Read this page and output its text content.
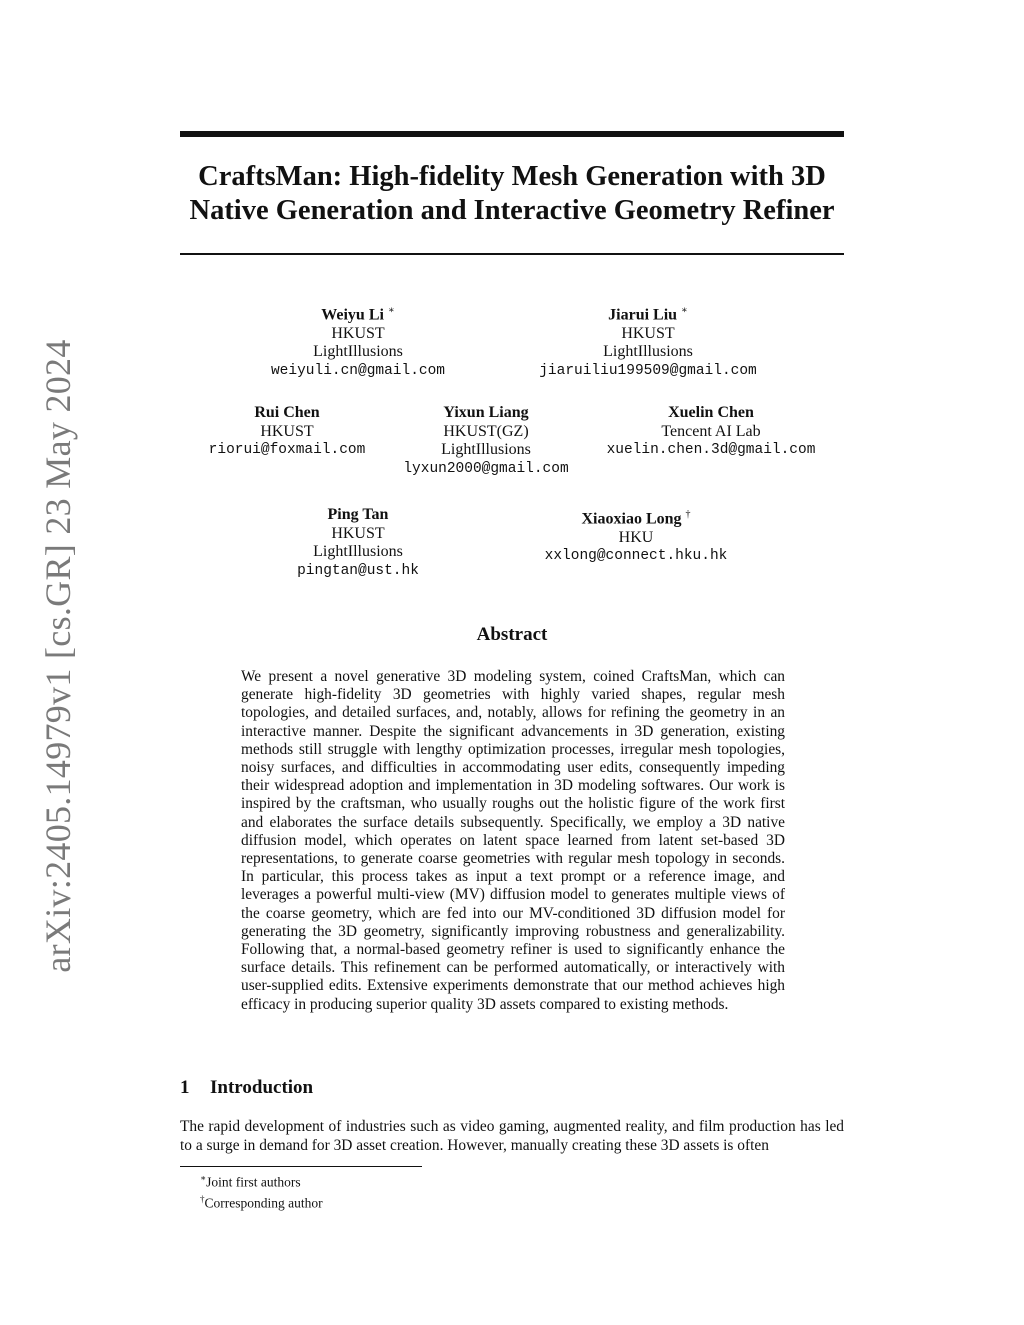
arXiv:2405.14979v1 [cs.GR] 23 May 2024
CraftsMan: High-fidelity Mesh Generation with 3D
Native Generation and Interactive Geometry Refiner
Weiyu Li ∗
HKUST
LightIllusions
weiyuli.cn@gmail.com
Jiarui Liu ∗
HKUST
LightIllusions
jiaruiliu199509@gmail.com
Rui Chen
HKUST
riorui@foxmail.com
Yixun Liang
HKUST(GZ)
LightIllusions
lyxun2000@gmail.com
Xuelin Chen
Tencent AI Lab
xuelin.chen.3d@gmail.com
Ping Tan
HKUST
LightIllusions
pingtan@ust.hk
Xiaoxiao Long †
HKU
xxlong@connect.hku.hk
Abstract

We present a novel generative 3D modeling system, coined CraftsMan, which can generate high-fidelity 3D geometries with highly varied shapes, regular mesh topologies, and detailed surfaces, and, notably, allows for refining the geometry in an interactive manner. Despite the significant advancements in 3D generation, existing methods still struggle with lengthy optimization processes, irregular mesh topologies, noisy surfaces, and difficulties in accommodating user edits, consequently impeding their widespread adoption and implementation in 3D modeling softwares. Our work is inspired by the craftsman, who usually roughs out the holistic figure of the work first and elaborates the surface details subsequently. Specifically, we employ a 3D native diffusion model, which operates on latent space learned from latent set-based 3D representations, to generate coarse geometries with regular mesh topology in seconds. In particular, this process takes as input a text prompt or a reference image, and leverages a powerful multi-view (MV) diffusion model to generates multiple views of the coarse geometry, which are fed into our MV-conditioned 3D diffusion model for generating the 3D geometry, significantly improving robustness and generalizability. Following that, a normal-based geometry refiner is used to significantly enhance the surface details. This refinement can be performed automatically, or interactively with user-supplied edits. Extensive experiments demonstrate that our method achieves high efficacy in producing superior quality 3D assets compared to existing methods.

1 Introduction

The rapid development of industries such as video gaming, augmented reality, and film production has led to a surge in demand for 3D asset creation. However, manually creating these 3D assets is often

∗Joint first authors
†Corresponding author
